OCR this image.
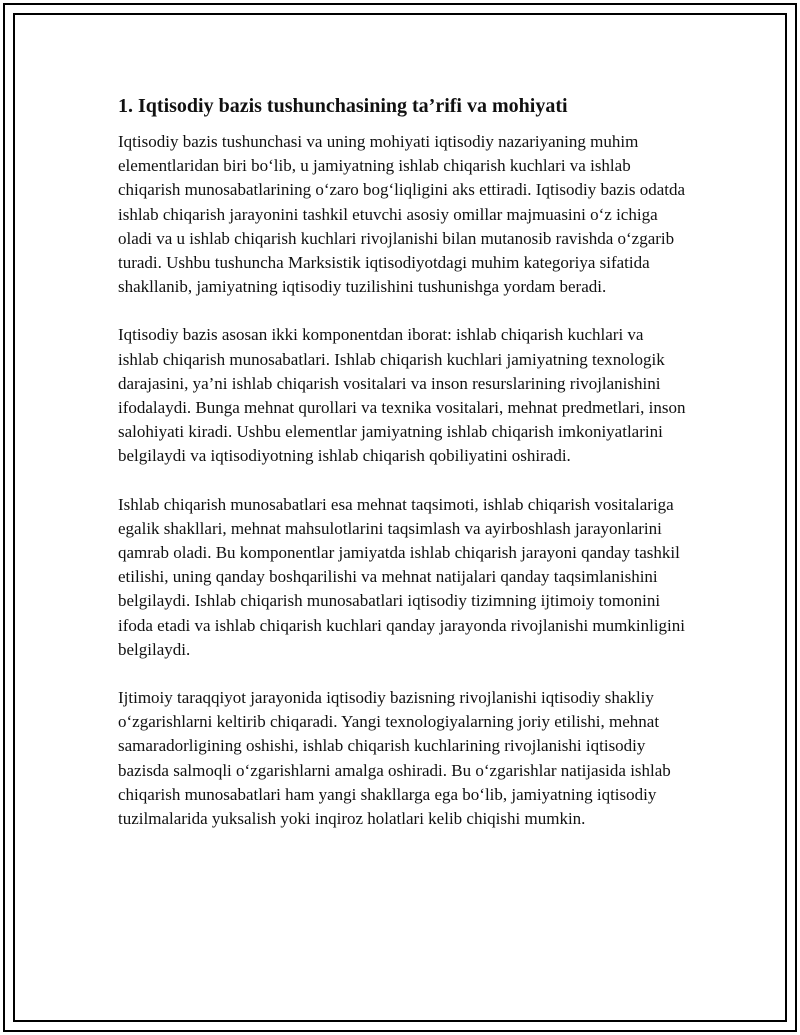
1. Iqtisodiy bazis tushunchasining ta’rifi va mohiyati

Iqtisodiy bazis tushunchasi va uning mohiyati iqtisodiy nazariyaning muhim elementlaridan biri bo‘lib, u jamiyatning ishlab chiqarish kuchlari va ishlab chiqarish munosabatlarining o‘zaro bog‘liqligini aks ettiradi. Iqtisodiy bazis odatda ishlab chiqarish jarayonini tashkil etuvchi asosiy omillar majmuasini o‘z ichiga oladi va u ishlab chiqarish kuchlari rivojlanishi bilan mutanosib ravishda o‘zgarib turadi. Ushbu tushuncha Marksistik iqtisodiyotdagi muhim kategoriya sifatida shakllanib, jamiyatning iqtisodiy tuzilishini tushunishga yordam beradi.

Iqtisodiy bazis asosan ikki komponentdan iborat: ishlab chiqarish kuchlari va ishlab chiqarish munosabatlari. Ishlab chiqarish kuchlari jamiyatning texnologik darajasini, ya’ni ishlab chiqarish vositalari va inson resurslarining rivojlanishini ifodalaydi. Bunga mehnat qurollari va texnika vositalari, mehnat predmetlari, inson salohiyati kiradi. Ushbu elementlar jamiyatning ishlab chiqarish imkoniyatlarini belgilaydi va iqtisodiyotning ishlab chiqarish qobiliyatini oshiradi.

Ishlab chiqarish munosabatlari esa mehnat taqsimoti, ishlab chiqarish vositalariga egalik shakllari, mehnat mahsulotlarini taqsimlash va ayirboshlash jarayonlarini qamrab oladi. Bu komponentlar jamiyatda ishlab chiqarish jarayoni qanday tashkil etilishi, uning qanday boshqarilishi va mehnat natijalari qanday taqsimlanishini belgilaydi. Ishlab chiqarish munosabatlari iqtisodiy tizimning ijtimoiy tomonini ifoda etadi va ishlab chiqarish kuchlari qanday jarayonda rivojlanishi mumkinligini belgilaydi.

Ijtimoiy taraqqiyot jarayonida iqtisodiy bazisning rivojlanishi iqtisodiy shakliy o‘zgarishlarni keltirib chiqaradi. Yangi texnologiyalarning joriy etilishi, mehnat samaradorligining oshishi, ishlab chiqarish kuchlarining rivojlanishi iqtisodiy bazisda salmoqli o‘zgarishlarni amalga oshiradi. Bu o‘zgarishlar natijasida ishlab chiqarish munosabatlari ham yangi shakllarga ega bo‘lib, jamiyatning iqtisodiy tuzilmalarida yuksalish yoki inqiroz holatlari kelib chiqishi mumkin.
